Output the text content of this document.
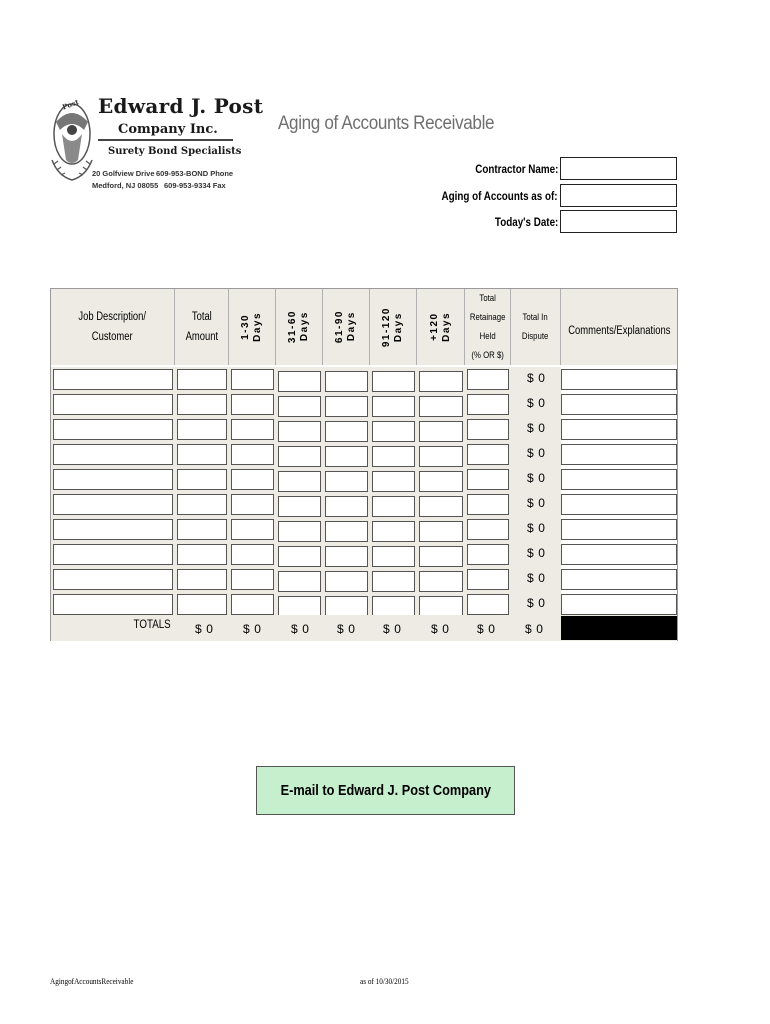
Post Edward J. Post
Company Inc.
Surety Bond Specialists
20 Golfview Drive
Medford, NJ 08055
609-953-BOND Phone
609-953-9334 Fax
Aging of Accounts Receivable
Contractor Name:
Aging of Accounts as of:
Today's Date:
Job Description/
Customer
Total
Amount 1-30
Days 31-60
Days 61-90
Days 91-120
Days +120
Days
Total
Retainage
Held
(% OR $)
Total In
Dispute Comments/Explanations
$ 0
$ 0
$ 0
$ 0
$ 0
$ 0
$ 0
$ 0
$ 0
$ 0
TOTALS $ 0 $ 0 $ 0 $ 0 $ 0 $ 0 $ 0 $ 0
E-mail to Edward J. Post Company
AgingofAccountsReceivable	as of 10/30/2015
